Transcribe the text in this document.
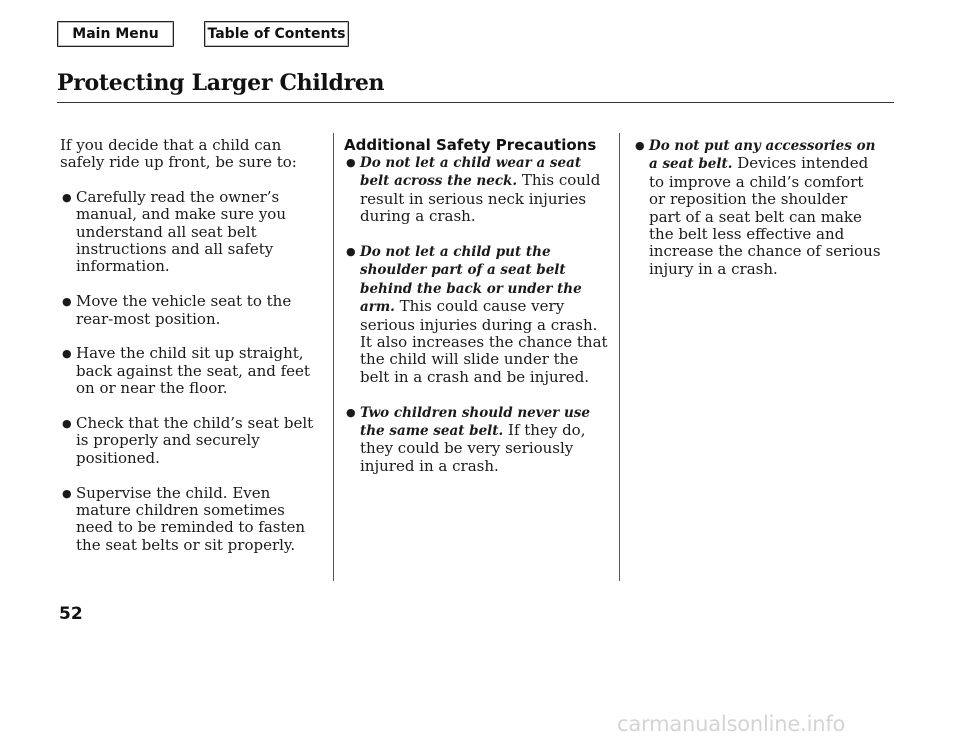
Main Menu	Table of Contents
Protecting Larger Children

If you decide that a child can safely ride up front, be sure to:

● Carefully read the owner’s manual, and make sure you understand all seat belt instructions and all safety information.
● Move the vehicle seat to the rear-most position.
● Have the child sit up straight, back against the seat, and feet on or near the floor.
● Check that the child’s seat belt is properly and securely positioned.
● Supervise the child. Even mature children sometimes need to be reminded to fasten the seat belts or sit properly.
Additional Safety Precautions
● Do not let a child wear a seat belt across the neck. This could result in serious neck injuries during a crash.
● Do not let a child put the shoulder part of a seat belt behind the back or under the arm. This could cause very serious injuries during a crash. It also increases the chance that the child will slide under the belt in a crash and be injured.
● Two children should never use the same seat belt. If they do, they could be very seriously injured in a crash.
● Do not put any accessories on a seat belt. Devices intended to improve a child’s comfort or reposition the shoulder part of a seat belt can make the belt less effective and increase the chance of serious injury in a crash.
52
carmanualsonline.info
